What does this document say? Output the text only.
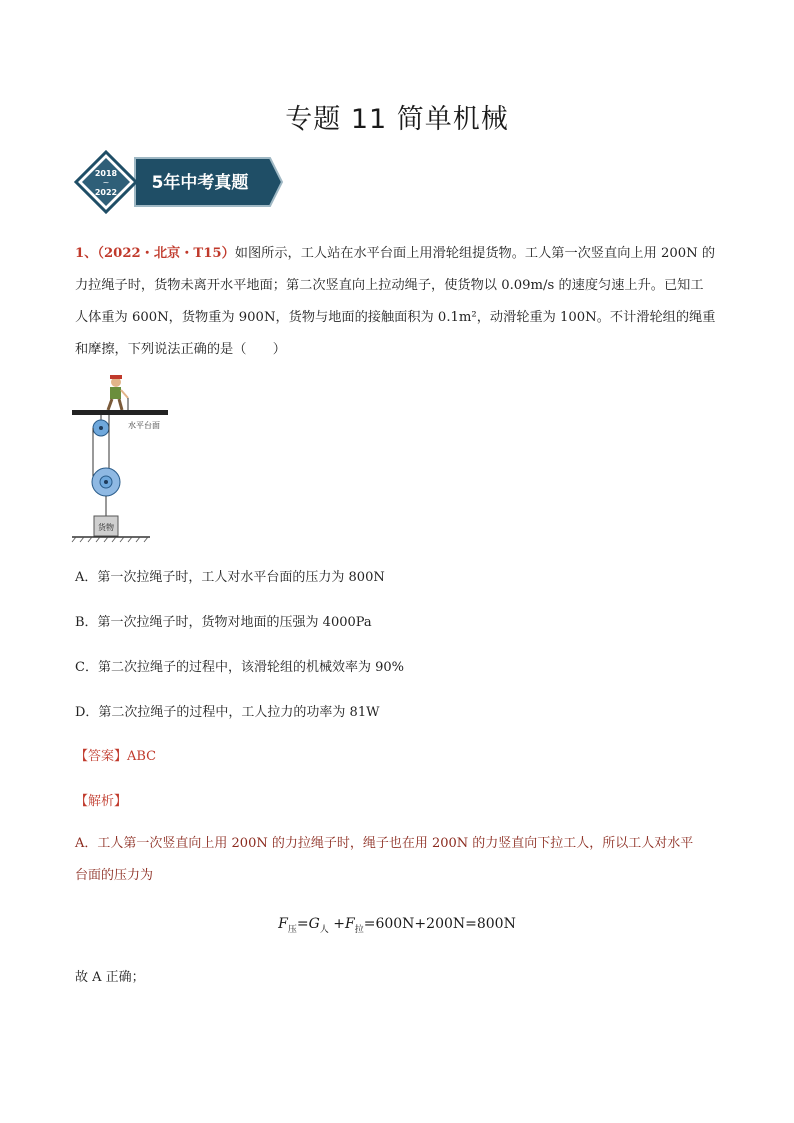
专题 11 简单机械
2018
~
2022 5年中考真题
1、（2022・北京・T15）如图所示，工人站在水平台面上用滑轮组提货物。工人第一次竖直向上用 200N 的
力拉绳子时，货物未离开水平地面；第二次竖直向上拉动绳子，使货物以 0.09m/s 的速度匀速上升。已知工
人体重为 600N，货物重为 900N，货物与地面的接触面积为 0.1m²，动滑轮重为 100N。不计滑轮组的绳重
和摩擦，下列说法正确的是（　　）
水平台面
货物
A．第一次拉绳子时，工人对水平台面的压力为 800N
B．第一次拉绳子时，货物对地面的压强为 4000Pa
C．第二次拉绳子的过程中，该滑轮组的机械效率为 90%
D．第二次拉绳子的过程中，工人拉力的功率为 81W
【答案】ABC
【解析】
A．工人第一次竖直向上用 200N 的力拉绳子时，绳子也在用 200N 的力竖直向下拉工人，所以工人对水平
台面的压力为
$F_压=G_人 +F_拉=600N+200N=800N$
故 A 正确；
